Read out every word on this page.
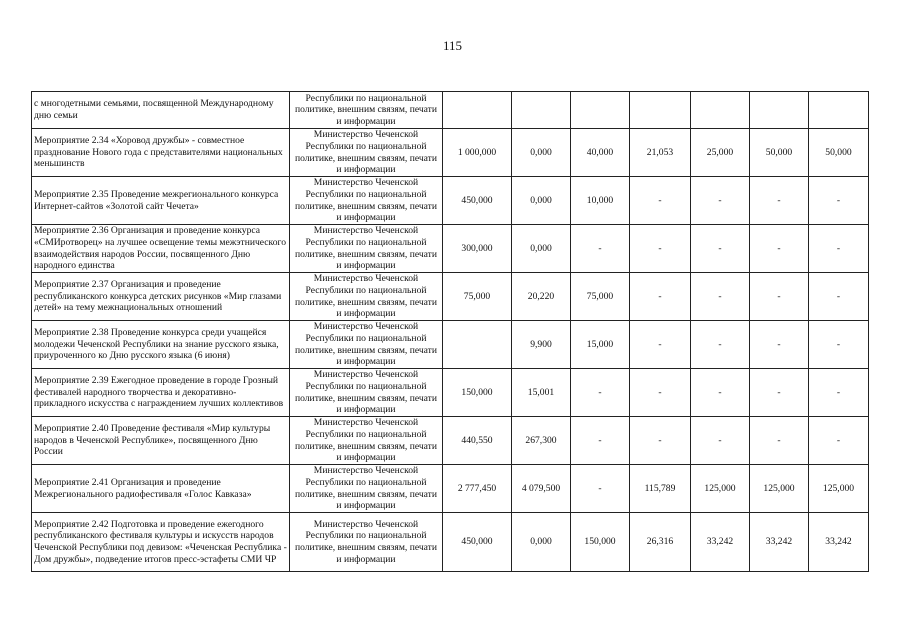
115
с многодетными семьями, посвященной Международному дню семьи	Республики по национальной политике, внешним связям, печати и информации							
Мероприятие 2.34 «Хоровод дружбы» - совместное празднование Нового года с представителями национальных меньшинств	Министерство Чеченской Республики по национальной политике, внешним связям, печати и информации	1 000,000	0,000	40,000	21,053	25,000	50,000	50,000
Мероприятие 2.35 Проведение межрегионального конкурса Интернет-сайтов «Золотой сайт Чечета»	Министерство Чеченской Республики по национальной политике, внешним связям, печати и информации	450,000	0,000	10,000	-	-	-	-
Мероприятие 2.36 Организация и проведение конкурса «СМИротворец» на лучшее освещение темы межэтнического взаимодействия народов России, посвященного Дню народного единства	Министерство Чеченской Республики по национальной политике, внешним связям, печати и информации	300,000	0,000	-	-	-	-	-
Мероприятие 2.37 Организация и проведение республиканского конкурса детских рисунков «Мир глазами детей» на тему межнациональных отношений	Министерство Чеченской Республики по национальной политике, внешним связям, печати и информации	75,000	20,220	75,000	-	-	-	-
Мероприятие 2.38 Проведение конкурса среди учащейся молодежи Чеченской Республики на знание русского языка, приуроченного ко Дню русского языка (6 июня)	Министерство Чеченской Республики по национальной политике, внешним связям, печати и информации		9,900	15,000	-	-	-	-
Мероприятие 2.39 Ежегодное проведение в городе Грозный фестивалей народного творчества и декоративно-прикладного искусства с награждением лучших коллективов	Министерство Чеченской Республики по национальной политике, внешним связям, печати и информации	150,000	15,001	-	-	-	-	-
Мероприятие 2.40 Проведение фестиваля «Мир культуры народов в Чеченской Республике», посвященного Дню России	Министерство Чеченской Республики по национальной политике, внешним связям, печати и информации	440,550	267,300	-	-	-	-	-
Мероприятие 2.41 Организация и проведение Межрегионального радиофестиваля «Голос Кавказа»	Министерство Чеченской Республики по национальной политике, внешним связям, печати и информации	2 777,450	4 079,500	-	115,789	125,000	125,000	125,000
Мероприятие 2.42 Подготовка и проведение ежегодного республиканского фестиваля культуры и искусств народов Чеченской Республики под девизом: «Чеченская Республика - Дом дружбы», подведение итогов пресс-эстафеты СМИ ЧР	Министерство Чеченской Республики по национальной политике, внешним связям, печати и информации	450,000	0,000	150,000	26,316	33,242	33,242	33,242
